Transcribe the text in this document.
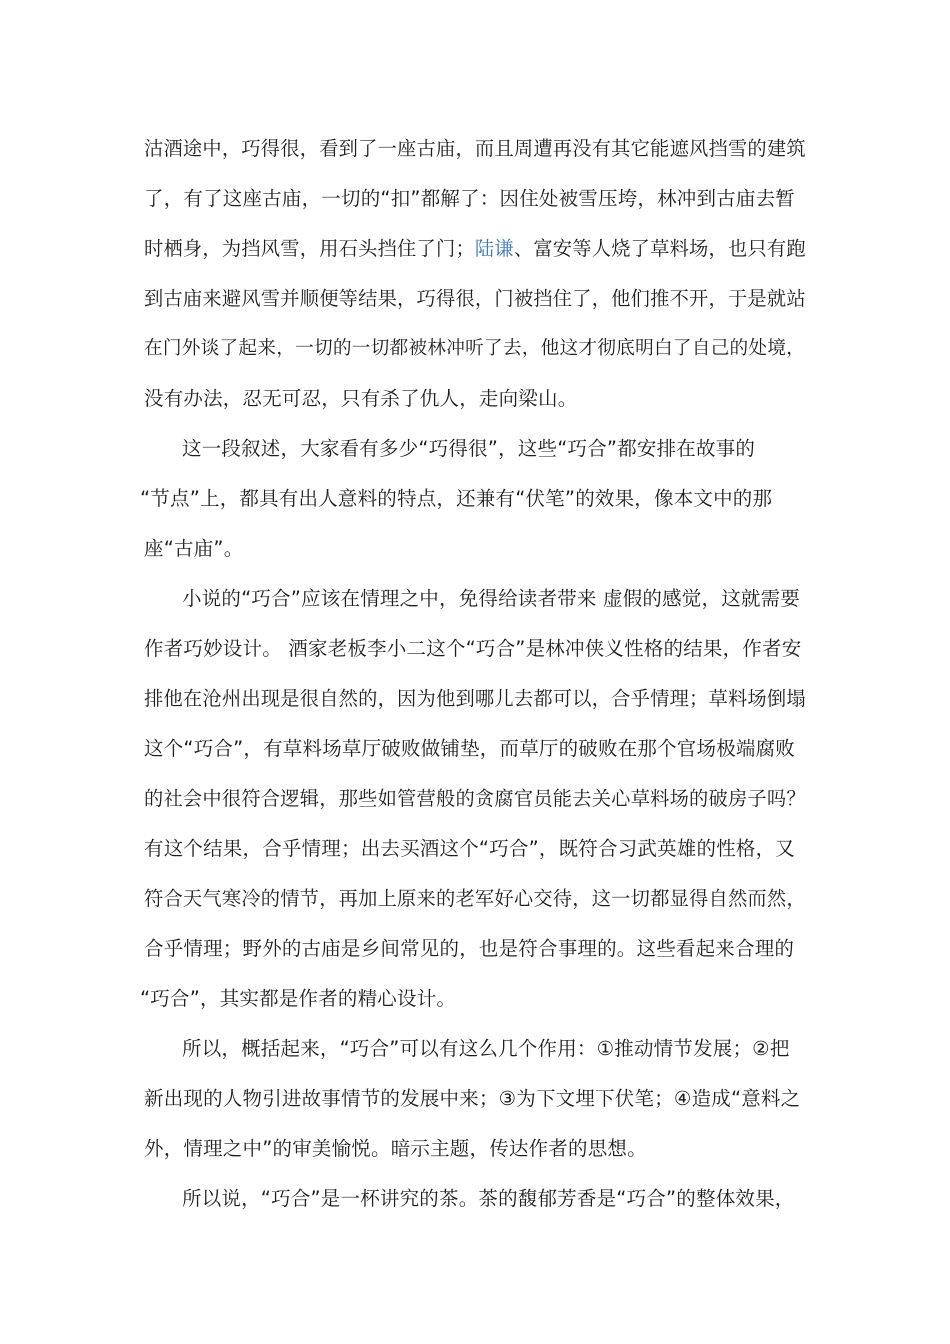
沽酒途中，巧得很，看到了一座古庙，而且周遭再没有其它能遮风挡雪的建筑
了，有了这座古庙，一切的“扣”都解了：因住处被雪压垮，林冲到古庙去暂
时栖身，为挡风雪，用石头挡住了门；陆谦、富安等人烧了草料场，也只有跑
到古庙来避风雪并顺便等结果，巧得很，门被挡住了，他们推不开，于是就站
在门外谈了起来，一切的一切都被林冲听了去，他这才彻底明白了自己的处境，
没有办法，忍无可忍，只有杀了仇人，走向梁山。
这一段叙述，大家看有多少“巧得很”，这些“巧合”都安排在故事的
“节点”上，都具有出人意料的特点，还兼有“伏笔”的效果，像本文中的那
座“古庙”。
小说的“巧合”应该在情理之中，免得给读者带来 虚假的感觉，这就需要
作者巧妙设计。 酒家老板李小二这个“巧合”是林冲侠义性格的结果，作者安
排他在沧州出现是很自然的，因为他到哪儿去都可以，合乎情理；草料场倒塌
这个“巧合”，有草料场草厅破败做铺垫，而草厅的破败在那个官场极端腐败
的社会中很符合逻辑，那些如管营般的贪腐官员能去关心草料场的破房子吗？
有这个结果，合乎情理；出去买酒这个“巧合”，既符合习武英雄的性格，又
符合天气寒冷的情节，再加上原来的老军好心交待，这一切都显得自然而然，
合乎情理；野外的古庙是乡间常见的，也是符合事理的。这些看起来合理的
“巧合”，其实都是作者的精心设计。
所以，概括起来，“巧合”可以有这么几个作用：①推动情节发展；②把
新出现的人物引进故事情节的发展中来；③为下文埋下伏笔；④造成“意料之
外，情理之中”的审美愉悦。暗示主题，传达作者的思想。
所以说，“巧合”是一杯讲究的茶。茶的馥郁芳香是“巧合”的整体效果，
